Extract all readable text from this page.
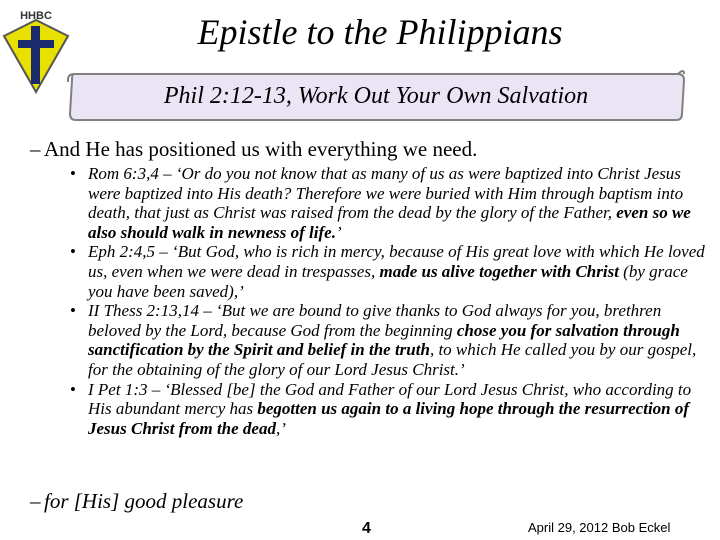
HHBC	Epistle to the Philippians
Phil 2:12-13, Work Out Your Own Salvation
– And He has positioned us with everything we need.
• Rom 6:3,4 – ‘Or do you not know that as many of us as were baptized into Christ Jesus were baptized into His death? Therefore we were buried with Him through baptism into death, that just as Christ was raised from the dead by the glory of the Father, even so we also should walk in newness of life.’
• Eph 2:4,5 – ‘But God, who is rich in mercy, because of His great love with which He loved us, even when we were dead in trespasses, made us alive together with Christ (by grace you have been saved),’
• II Thess 2:13,14 – ‘But we are bound to give thanks to God always for you, brethren beloved by the Lord, because God from the beginning chose you for salvation through sanctification by the Spirit and belief in the truth, to which He called you by our gospel, for the obtaining of the glory of our Lord Jesus Christ.’
• I Pet 1:3 – ‘Blessed [be] the God and Father of our Lord Jesus Christ, who according to His abundant mercy has begotten us again to a living hope through the resurrection of Jesus Christ from the dead,’
– for [His] good pleasure
4	April 29, 2012 Bob Eckel
